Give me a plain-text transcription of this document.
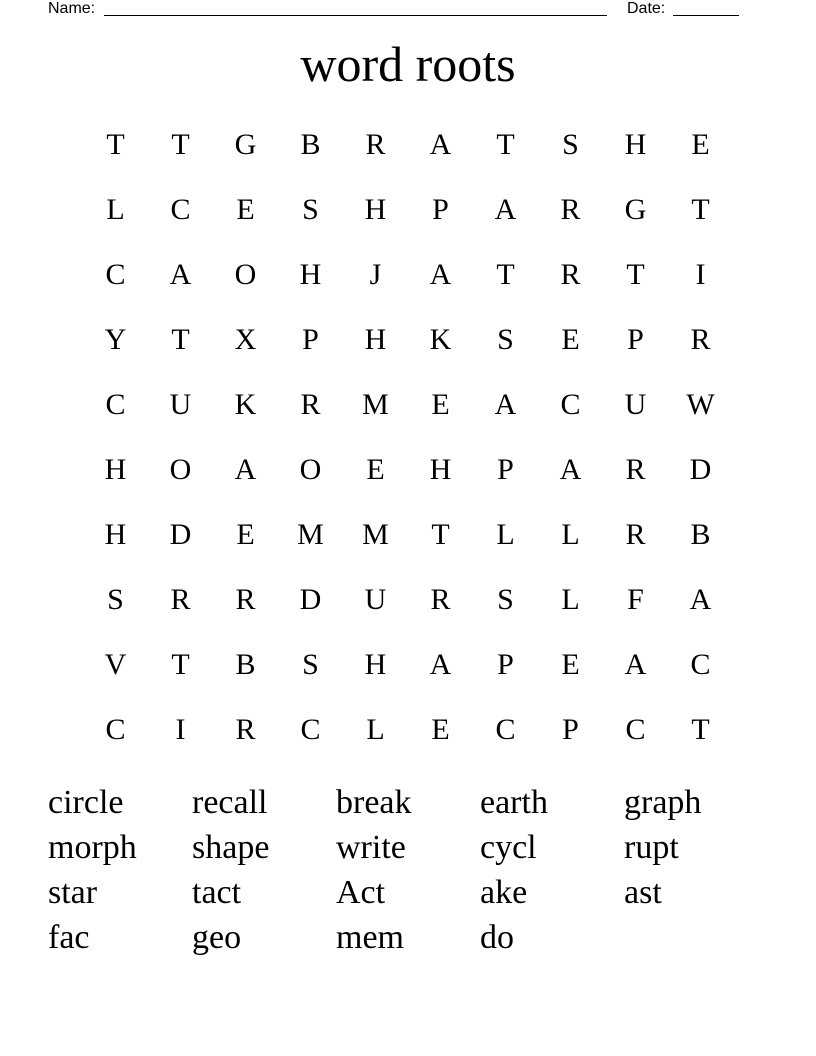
Name:	Date:
word roots
T	T	G	B	R	A	T	S	H	E
L	C	E	S	H	P	A	R	G	T
C	A	O	H	J	A	T	R	T	I
Y	T	X	P	H	K	S	E	P	R
C	U	K	R	M	E	A	C	U	W
H	O	A	O	E	H	P	A	R	D
H	D	E	M	M	T	L	L	R	B
S	R	R	D	U	R	S	L	F	A
V	T	B	S	H	A	P	E	A	C
C	I	R	C	L	E	C	P	C	T
circle	recall	break	earth	graph
morph	shape	write	cycl	rupt
star	tact	Act	ake	ast
fac	geo	mem	do
